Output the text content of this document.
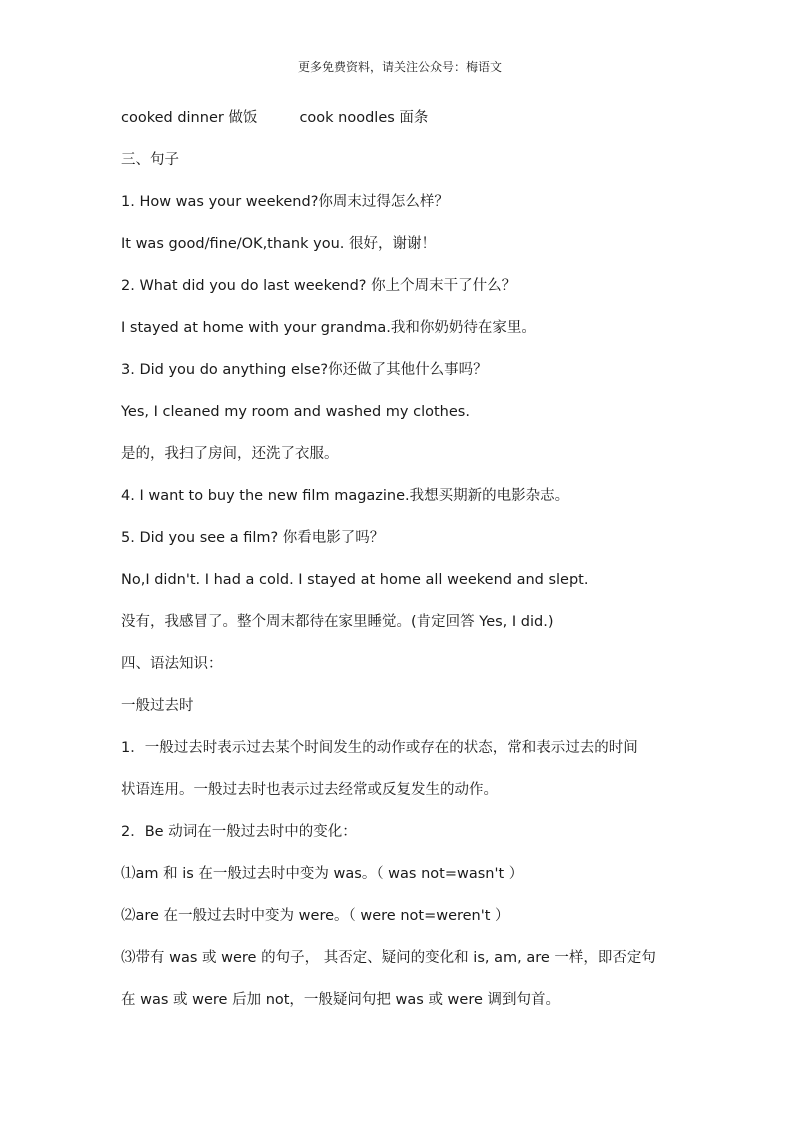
更多免费资料，请关注公众号：梅语文
cooked dinner 做饭	cook noodles 面条
三、句子
1. How was your weekend?你周末过得怎么样？
It was good/fine/OK,thank you. 很好，谢谢！
2. What did you do last weekend? 你上个周末干了什么？
I stayed at home with your grandma.我和你奶奶待在家里。
3. Did you do anything else?你还做了其他什么事吗？
Yes, I cleaned my room and washed my clothes.
是的，我扫了房间，还洗了衣服。
4. I want to buy the new film magazine.我想买期新的电影杂志。
5. Did you see a film? 你看电影了吗？
No,I didn't. I had a cold. I stayed at home all weekend and slept.
没有，我感冒了。整个周末都待在家里睡觉。(肯定回答 Yes, I did.)
四、语法知识：
一般过去时
1．一般过去时表示过去某个时间发生的动作或存在的状态，常和表示过去的时间
状语连用。一般过去时也表示过去经常或反复发生的动作。
2．Be 动词在一般过去时中的变化：
⑴am 和 is 在一般过去时中变为 was。（ was not=wasn't ）
⑵are 在一般过去时中变为 were。（ were not=weren't ）
⑶带有 was 或 were 的句子， 其否定、疑问的变化和 is, am, are 一样，即否定句
在 was 或 were 后加 not，一般疑问句把 was 或 were 调到句首。
